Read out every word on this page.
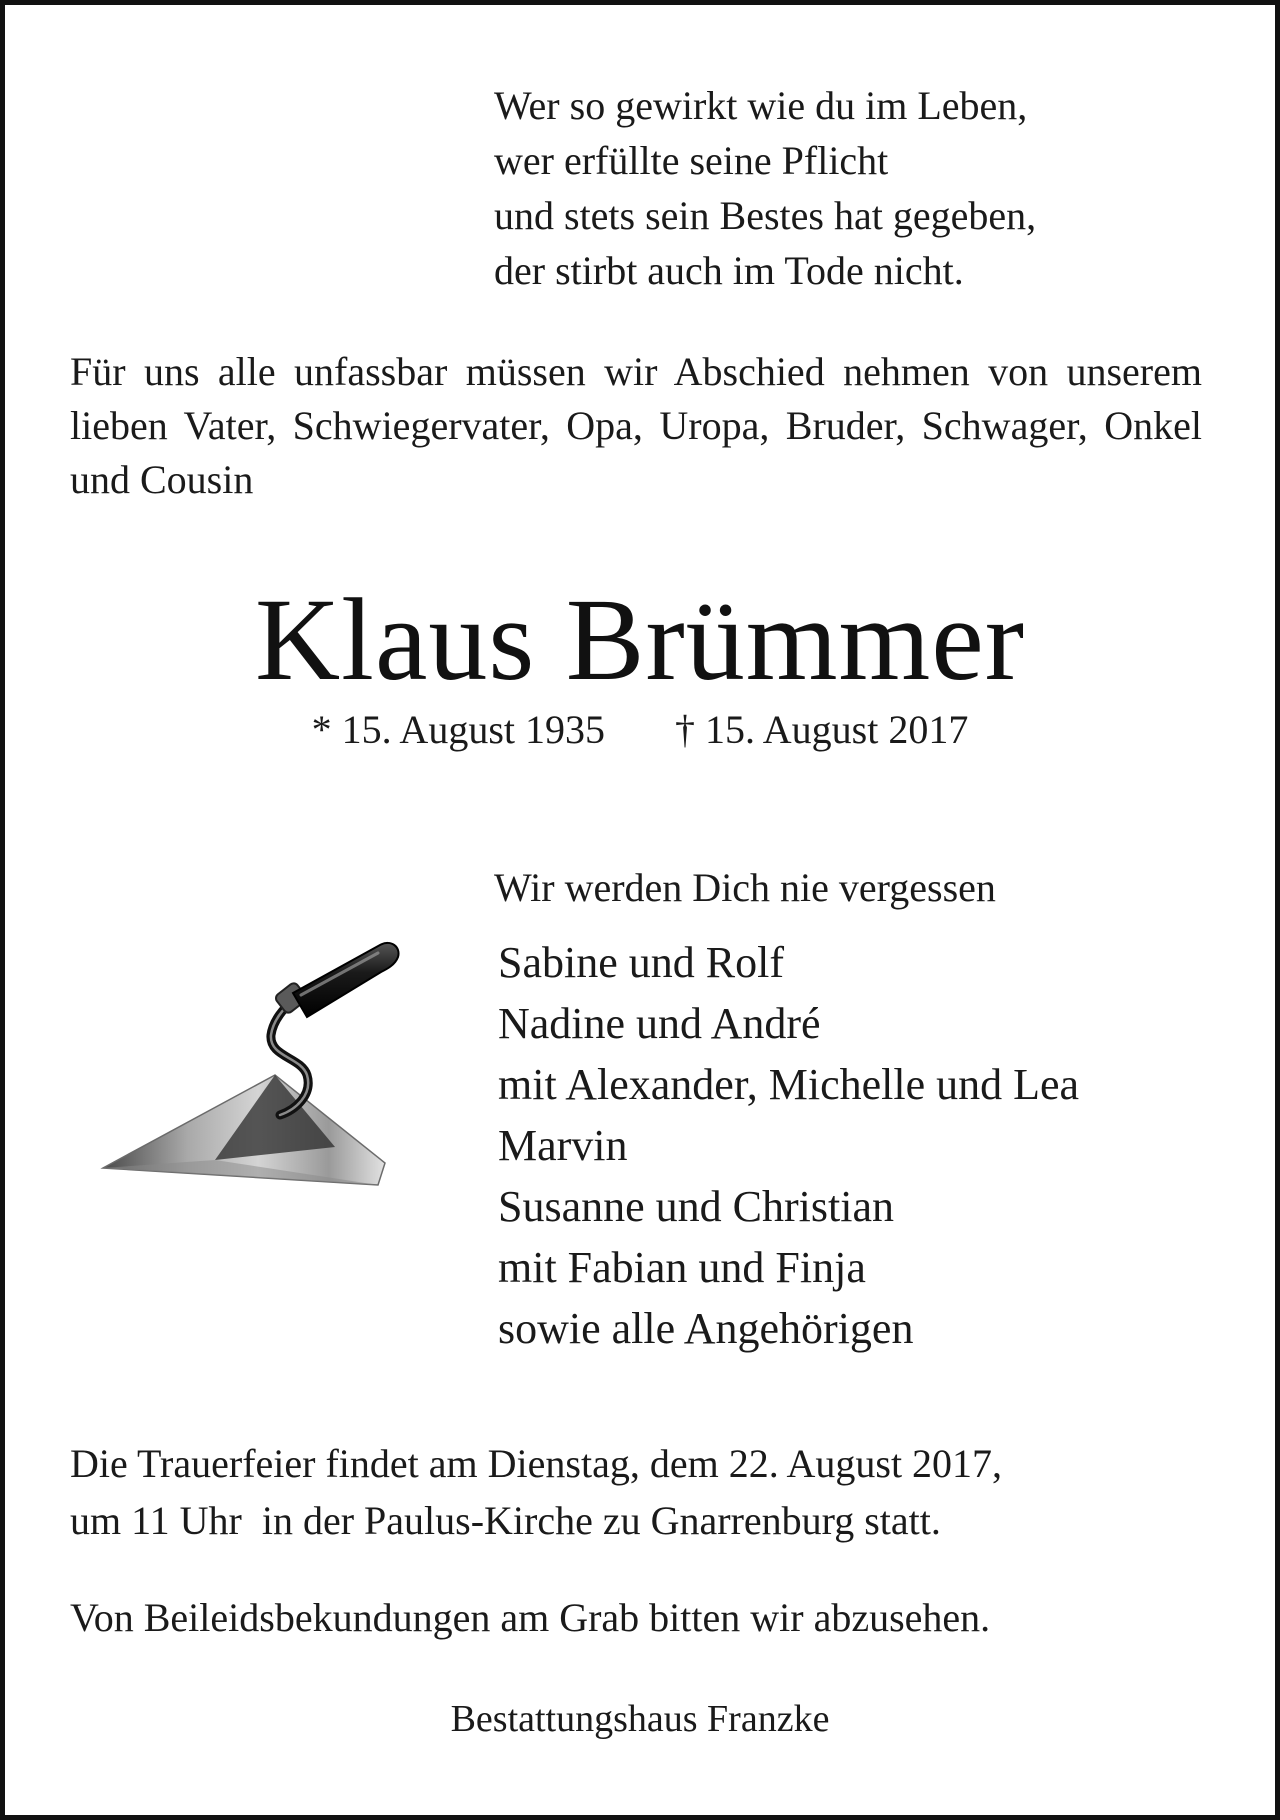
Wer so gewirkt wie du im Leben,
wer erfüllte seine Pflicht
und stets sein Bestes hat gegeben,
der stirbt auch im Tode nicht.
Für uns alle unfassbar müssen wir Abschied nehmen von unserem lieben Vater, Schwiegervater, Opa, Uropa, Bruder, Schwager, Onkel und Cousin
Klaus Brümmer
* 15. August 1935 † 15. August 2017
Wir werden Dich nie vergessen
Sabine und Rolf
Nadine und André
mit Alexander, Michelle und Lea
Marvin
Susanne und Christian
mit Fabian und Finja
sowie alle Angehörigen
Die Trauerfeier findet am Dienstag, dem 22. August 2017,
um 11 Uhr  in der Paulus-Kirche zu Gnarrenburg statt.
Von Beileidsbekundungen am Grab bitten wir abzusehen.
Bestattungshaus Franzke
